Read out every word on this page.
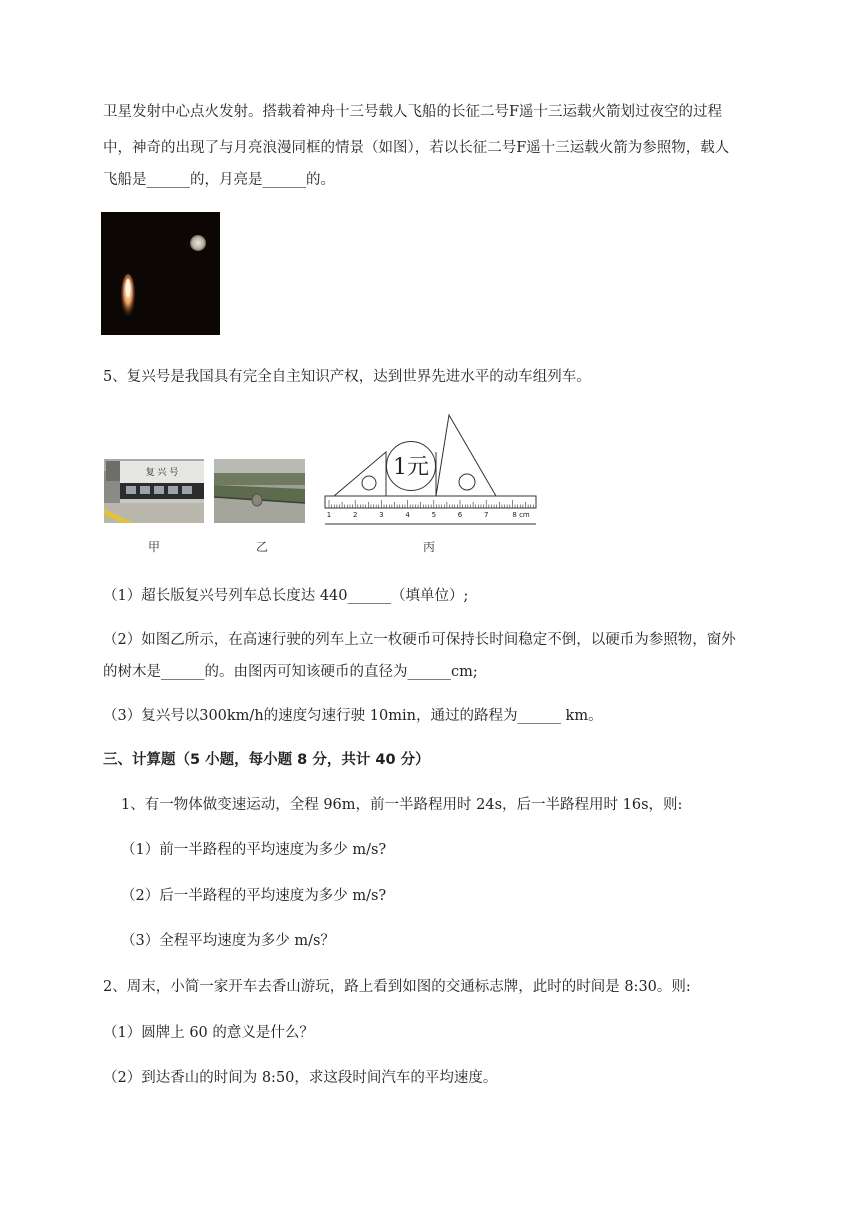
卫星发射中心点火发射。搭载着神舟十三号载人飞船的长征二号F遥十三运载火箭划过夜空的过程
中，神奇的出现了与月亮浪漫同框的情景（如图），若以长征二号F遥十三运载火箭为参照物，载人
飞船是______的，月亮是______的。
5、复兴号是我国具有完全自主知识产权，达到世界先进水平的动车组列车。
复 兴 号	1元
1	2	3	4	5	6	7	8 cm
甲	乙	丙
（1）超长版复兴号列车总长度达 440______（填单位）;
（2）如图乙所示，在高速行驶的列车上立一枚硬币可保持长时间稳定不倒，以硬币为参照物，窗外
的树木是______的。由图丙可知该硬币的直径为______cm;
（3）复兴号以300km/h的速度匀速行驶 10min，通过的路程为______ km。
三、计算题（5 小题，每小题 8 分，共计 40 分）
1、有一物体做变速运动，全程 96m，前一半路程用时 24s，后一半路程用时 16s，则:
（1）前一半路程的平均速度为多少 m/s?
（2）后一半路程的平均速度为多少 m/s?
（3）全程平均速度为多少 m/s？
2、周末，小简一家开车去香山游玩，路上看到如图的交通标志牌，此时的时间是 8:30。则:
（1）圆牌上 60 的意义是什么？
（2）到达香山的时间为 8:50，求这段时间汽车的平均速度。
